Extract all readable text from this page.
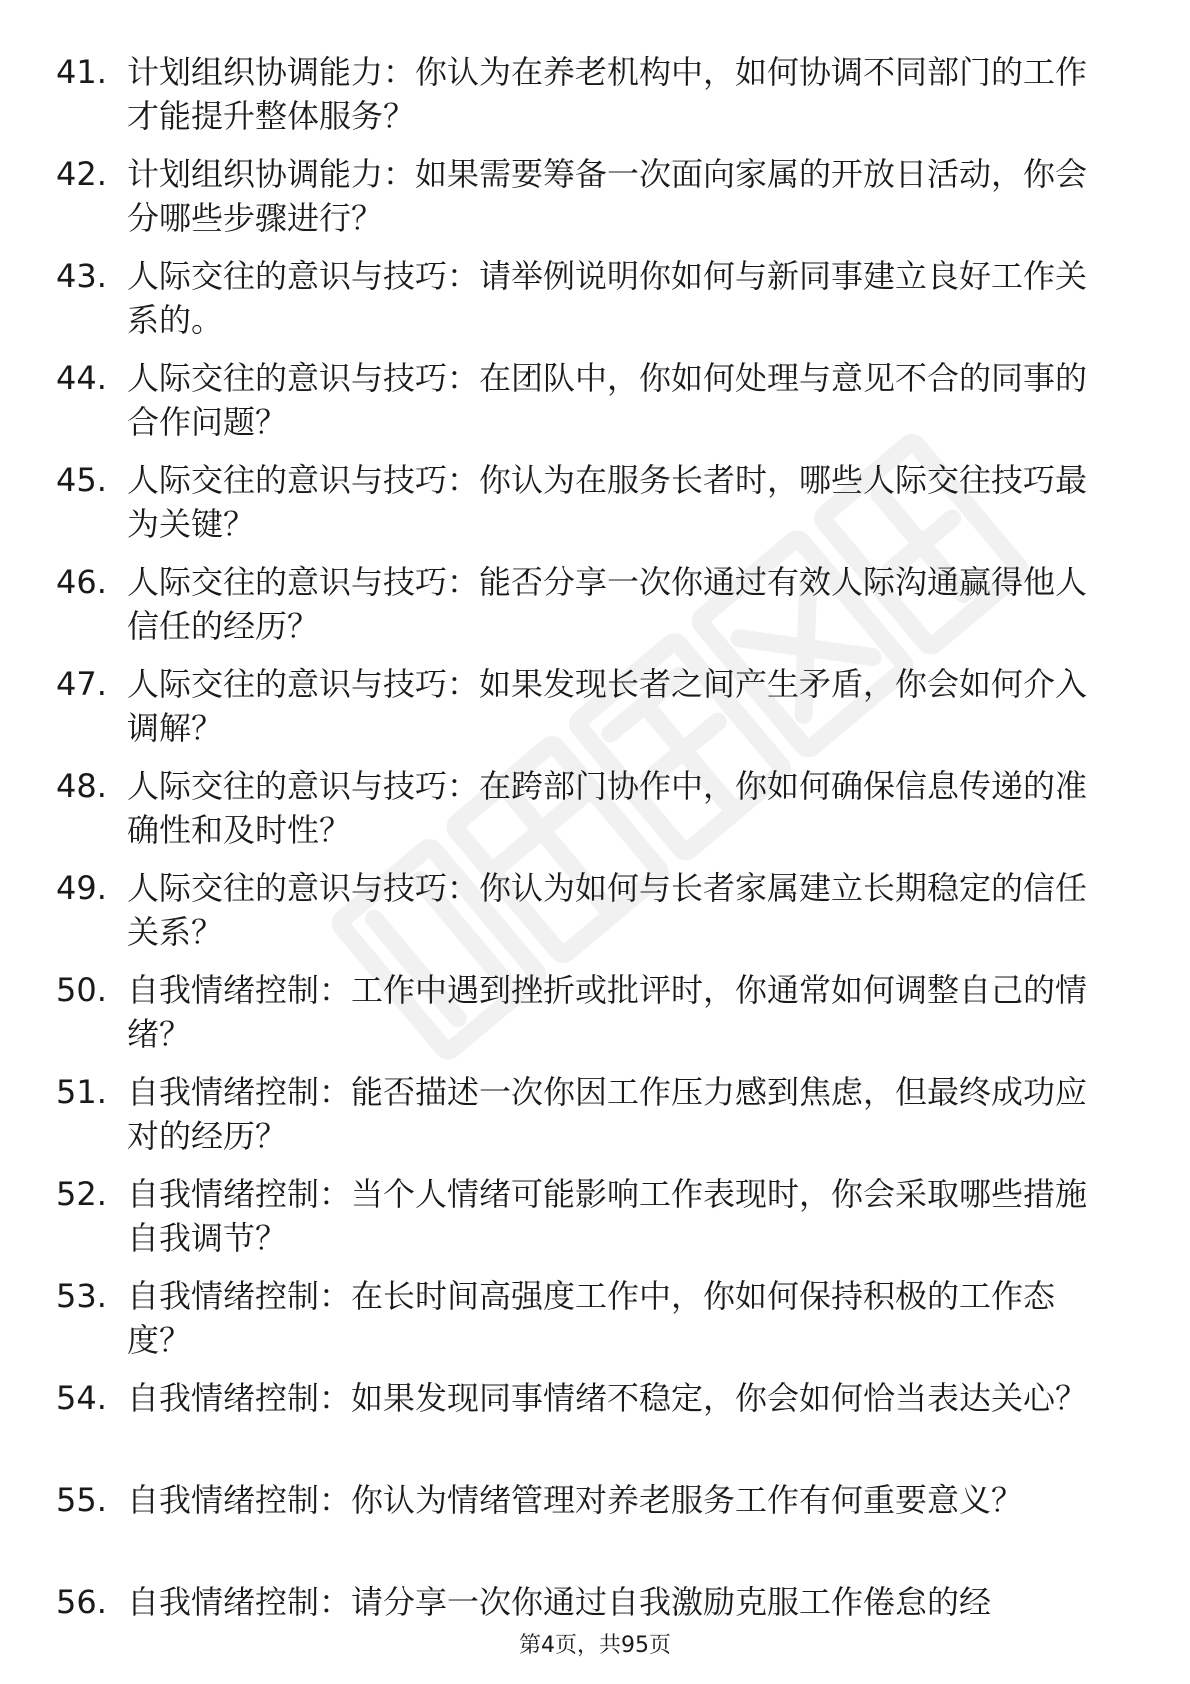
41. 计划组织协调能力：你认为在养老机构中，如何协调不同部门的工作才能提升整体服务？
42. 计划组织协调能力：如果需要筹备一次面向家属的开放日活动，你会分哪些步骤进行？
43. 人际交往的意识与技巧：请举例说明你如何与新同事建立良好工作关系的。
44. 人际交往的意识与技巧：在团队中，你如何处理与意见不合的同事的合作问题？
45. 人际交往的意识与技巧：你认为在服务长者时，哪些人际交往技巧最为关键？
46. 人际交往的意识与技巧：能否分享一次你通过有效人际沟通赢得他人信任的经历？
47. 人际交往的意识与技巧：如果发现长者之间产生矛盾，你会如何介入调解？
48. 人际交往的意识与技巧：在跨部门协作中，你如何确保信息传递的准确性和及时性？
49. 人际交往的意识与技巧：你认为如何与长者家属建立长期稳定的信任关系？
50. 自我情绪控制：工作中遇到挫折或批评时，你通常如何调整自己的情绪？
51. 自我情绪控制：能否描述一次你因工作压力感到焦虑，但最终成功应对的经历？
52. 自我情绪控制：当个人情绪可能影响工作表现时，你会采取哪些措施自我调节？
53. 自我情绪控制：在长时间高强度工作中，你如何保持积极的工作态度？
54. 自我情绪控制：如果发现同事情绪不稳定，你会如何恰当表达关心？
55. 自我情绪控制：你认为情绪管理对养老服务工作有何重要意义？
56. 自我情绪控制：请分享一次你通过自我激励克服工作倦怠的经
第4页，共95页
